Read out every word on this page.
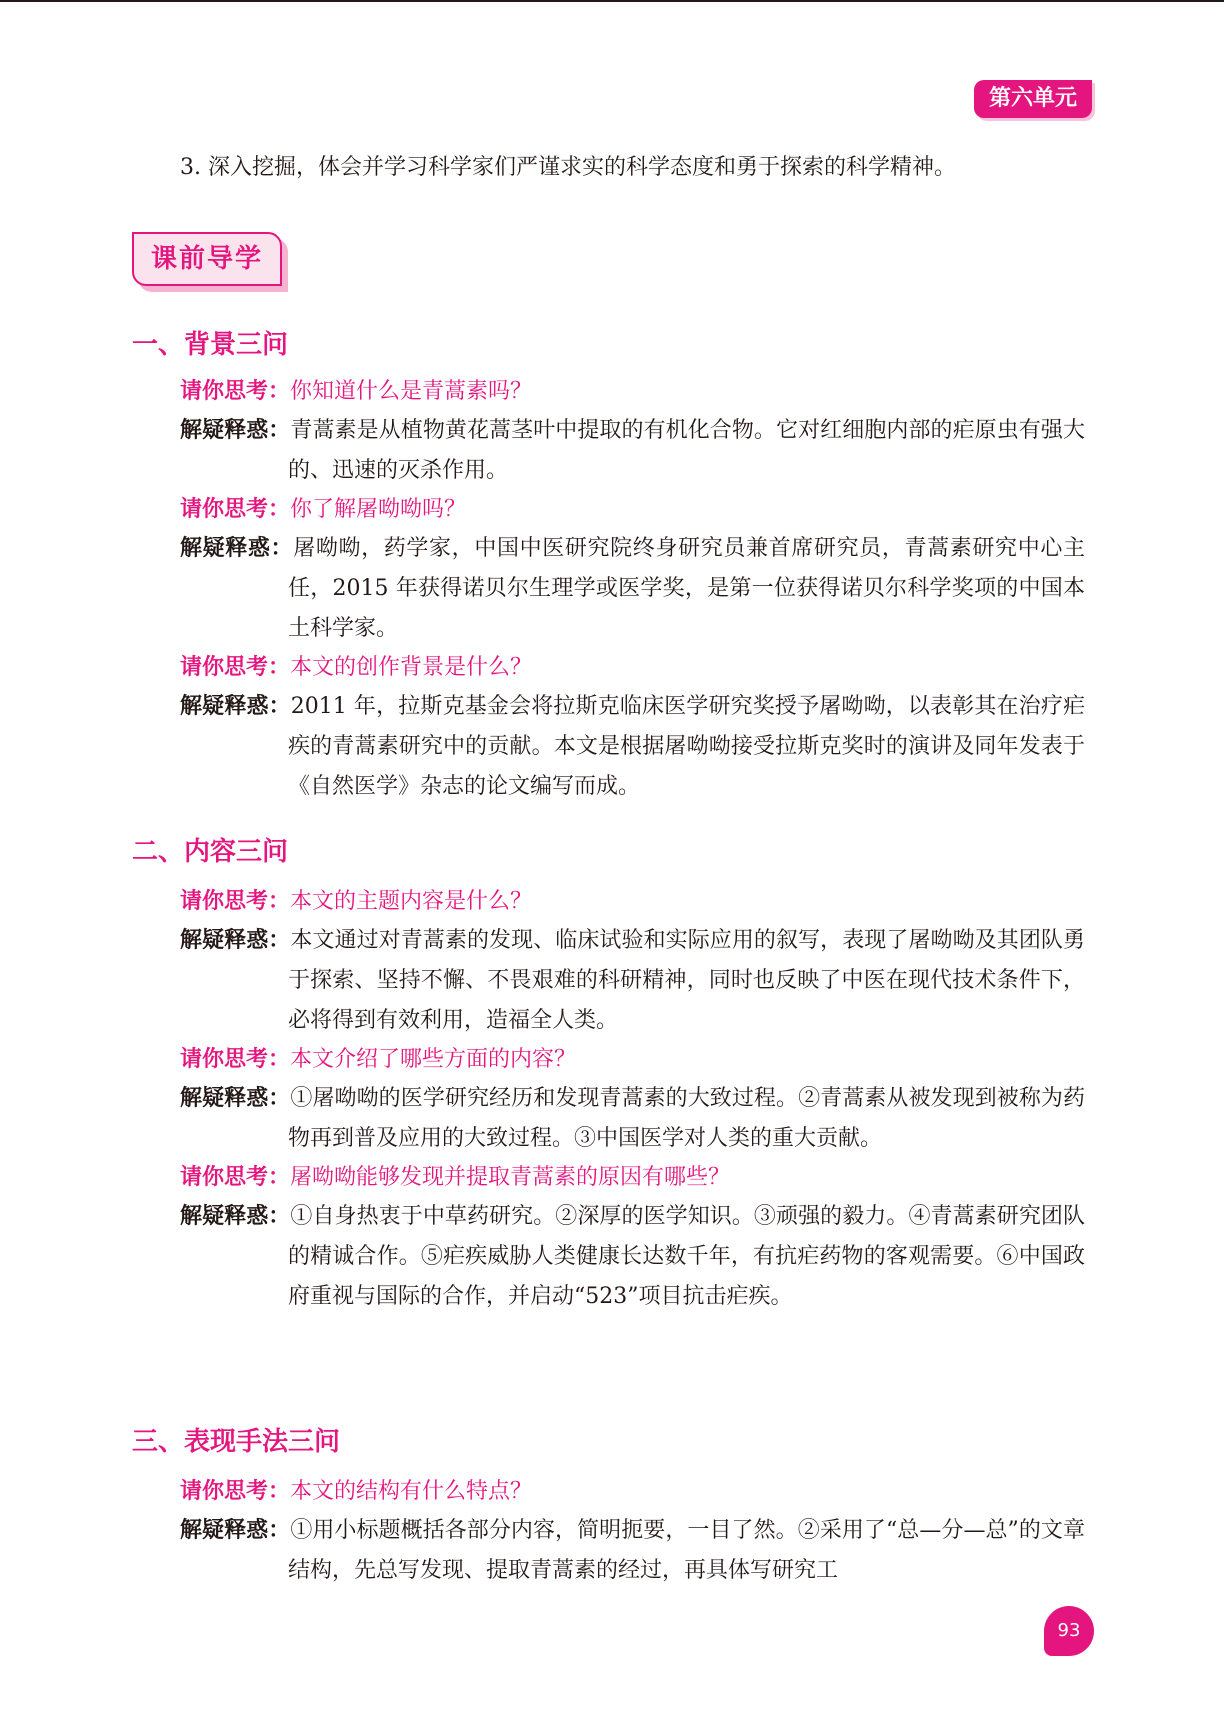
第六单元
3. 深入挖掘，体会并学习科学家们严谨求实的科学态度和勇于探索的科学精神。
课前导学
一、背景三问
请你思考：你知道什么是青蒿素吗？
解疑释惑：青蒿素是从植物黄花蒿茎叶中提取的有机化合物。它对红细胞内部的疟原虫有强大的、迅速的灭杀作用。
请你思考：你了解屠呦呦吗？
解疑释惑：屠呦呦，药学家，中国中医研究院终身研究员兼首席研究员，青蒿素研究中心主任，2015 年获得诺贝尔生理学或医学奖，是第一位获得诺贝尔科学奖项的中国本土科学家。
请你思考：本文的创作背景是什么？
解疑释惑：2011 年，拉斯克基金会将拉斯克临床医学研究奖授予屠呦呦，以表彰其在治疗疟疾的青蒿素研究中的贡献。本文是根据屠呦呦接受拉斯克奖时的演讲及同年发表于《自然医学》杂志的论文编写而成。
二、内容三问
请你思考：本文的主题内容是什么？
解疑释惑：本文通过对青蒿素的发现、临床试验和实际应用的叙写，表现了屠呦呦及其团队勇于探索、坚持不懈、不畏艰难的科研精神，同时也反映了中医在现代技术条件下，必将得到有效利用，造福全人类。
请你思考：本文介绍了哪些方面的内容？
解疑释惑：①屠呦呦的医学研究经历和发现青蒿素的大致过程。②青蒿素从被发现到被称为药物再到普及应用的大致过程。③中国医学对人类的重大贡献。
请你思考：屠呦呦能够发现并提取青蒿素的原因有哪些？
解疑释惑：①自身热衷于中草药研究。②深厚的医学知识。③顽强的毅力。④青蒿素研究团队的精诚合作。⑤疟疾威胁人类健康长达数千年，有抗疟药物的客观需要。⑥中国政府重视与国际的合作，并启动“523”项目抗击疟疾。
三、表现手法三问
请你思考：本文的结构有什么特点？
解疑释惑：①用小标题概括各部分内容，简明扼要，一目了然。②采用了“总—分—总”的文章结构，先总写发现、提取青蒿素的经过，再具体写研究工
93
